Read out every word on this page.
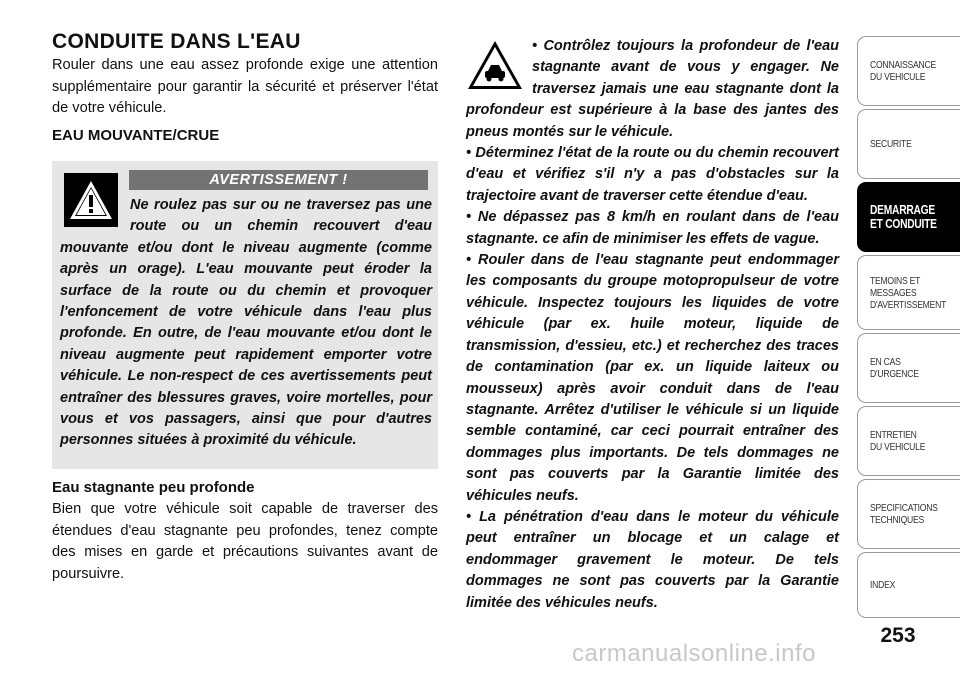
CONDUITE DANS L'EAU

Rouler dans une eau assez profonde exige une attention supplémentaire pour garantir la sécurité et préserver l'état de votre véhicule.

EAU MOUVANTE/CRUE
AVERTISSEMENT !

Ne roulez pas sur ou ne traversez pas une route ou un chemin recouvert d'eau mouvante et/ou dont le niveau augmente (comme après un orage). L'eau mouvante peut éroder la surface de la route ou du chemin et provoquer l'enfoncement de votre véhicule dans l'eau plus profonde. En outre, de l'eau mouvante et/ou dont le niveau augmente peut rapidement emporter votre véhicule. Le non-respect de ces avertissements peut entraîner des blessures graves, voire mortelles, pour vous et vos passagers, ainsi que pour d'autres personnes situées à proximité du véhicule.

Eau stagnante peu profonde

Bien que votre véhicule soit capable de traverser des étendues d'eau stagnante peu profondes, tenez compte des mises en garde et précautions suivantes avant de poursuivre.

• Contrôlez toujours la profondeur de l'eau stagnante avant de vous y engager. Ne traversez jamais une eau stagnante dont la profondeur est supérieure à la base des jantes des pneus montés sur le véhicule.

• Déterminez l'état de la route ou du chemin recouvert d'eau et vérifiez s'il n'y a pas d'obstacles sur la trajectoire avant de traverser cette étendue d'eau.

• Ne dépassez pas 8 km/h en roulant dans de l'eau stagnante. ce afin de minimiser les effets de vague.

• Rouler dans de l'eau stagnante peut endommager les composants du groupe motopropulseur de votre véhicule. Inspectez toujours les liquides de votre véhicule (par ex. huile moteur, liquide de transmission, d'essieu, etc.) et recherchez des traces de contamination (par ex. un liquide laiteux ou mousseux) après avoir conduit dans de l'eau stagnante. Arrêtez d'utiliser le véhicule si un liquide semble contaminé, car ceci pourrait entraîner des dommages plus importants. De tels dommages ne sont pas couverts par la Garantie limitée des véhicules neufs.

• La pénétration d'eau dans le moteur du véhicule peut entraîner un blocage et un calage et endommager gravement le moteur. De tels dommages ne sont pas couverts par la Garantie limitée des véhicules neufs.

CONNAISSANCE
DU VEHICULE
SECURITE
DEMARRAGE
ET CONDUITE
TEMOINS ET
MESSAGES
D'AVERTISSEMENT
EN CAS
D'URGENCE
ENTRETIEN
DU VEHICULE
SPECIFICATIONS
TECHNIQUES
INDEX
253
carmanualsonline.info
